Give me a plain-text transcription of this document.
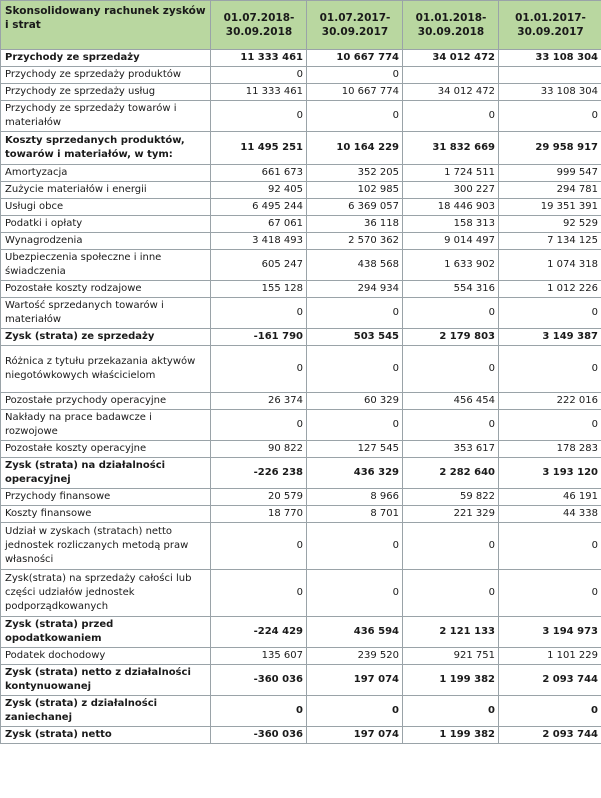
Skonsolidowany rachunek zysków i strat	01.07.2018-30.09.2018	01.07.2017-30.09.2017	01.01.2018-30.09.2018	01.01.2017-30.09.2017
Przychody ze sprzedaży	11 333 461	10 667 774	34 012 472	33 108 304
Przychody ze sprzedaży produktów	0	0		
Przychody ze sprzedaży usług	11 333 461	10 667 774	34 012 472	33 108 304
Przychody ze sprzedaży towarów i materiałów	0	0	0	0
Koszty sprzedanych produktów, towarów i materiałów, w tym:	11 495 251	10 164 229	31 832 669	29 958 917
Amortyzacja	661 673	352 205	1 724 511	999 547
Zużycie materiałów i energii	92 405	102 985	300 227	294 781
Usługi obce	6 495 244	6 369 057	18 446 903	19 351 391
Podatki i opłaty	67 061	36 118	158 313	92 529
Wynagrodzenia	3 418 493	2 570 362	9 014 497	7 134 125
Ubezpieczenia społeczne i inne świadczenia	605 247	438 568	1 633 902	1 074 318
Pozostałe koszty rodzajowe	155 128	294 934	554 316	1 012 226
Wartość sprzedanych towarów i materiałów	0	0	0	0
Zysk (strata) ze sprzedaży	-161 790	503 545	2 179 803	3 149 387
Różnica z tytułu przekazania aktywów niegotówkowych właścicielom	0	0	0	0
Pozostałe przychody operacyjne	26 374	60 329	456 454	222 016
Nakłady na prace badawcze i rozwojowe	0	0	0	0
Pozostałe koszty operacyjne	90 822	127 545	353 617	178 283
Zysk (strata) na działalności operacyjnej	-226 238	436 329	2 282 640	3 193 120
Przychody finansowe	20 579	8 966	59 822	46 191
Koszty finansowe	18 770	8 701	221 329	44 338
Udział w zyskach (stratach) netto jednostek rozliczanych metodą praw własności	0	0	0	0
Zysk(strata) na sprzedaży całości lub części udziałów jednostek podporządkowanych	0	0	0	0
Zysk (strata) przed opodatkowaniem	-224 429	436 594	2 121 133	3 194 973
Podatek dochodowy	135 607	239 520	921 751	1 101 229
Zysk (strata) netto z działalności kontynuowanej	-360 036	197 074	1 199 382	2 093 744
Zysk (strata) z działalności zaniechanej	0	0	0	0
Zysk (strata) netto	-360 036	197 074	1 199 382	2 093 744
